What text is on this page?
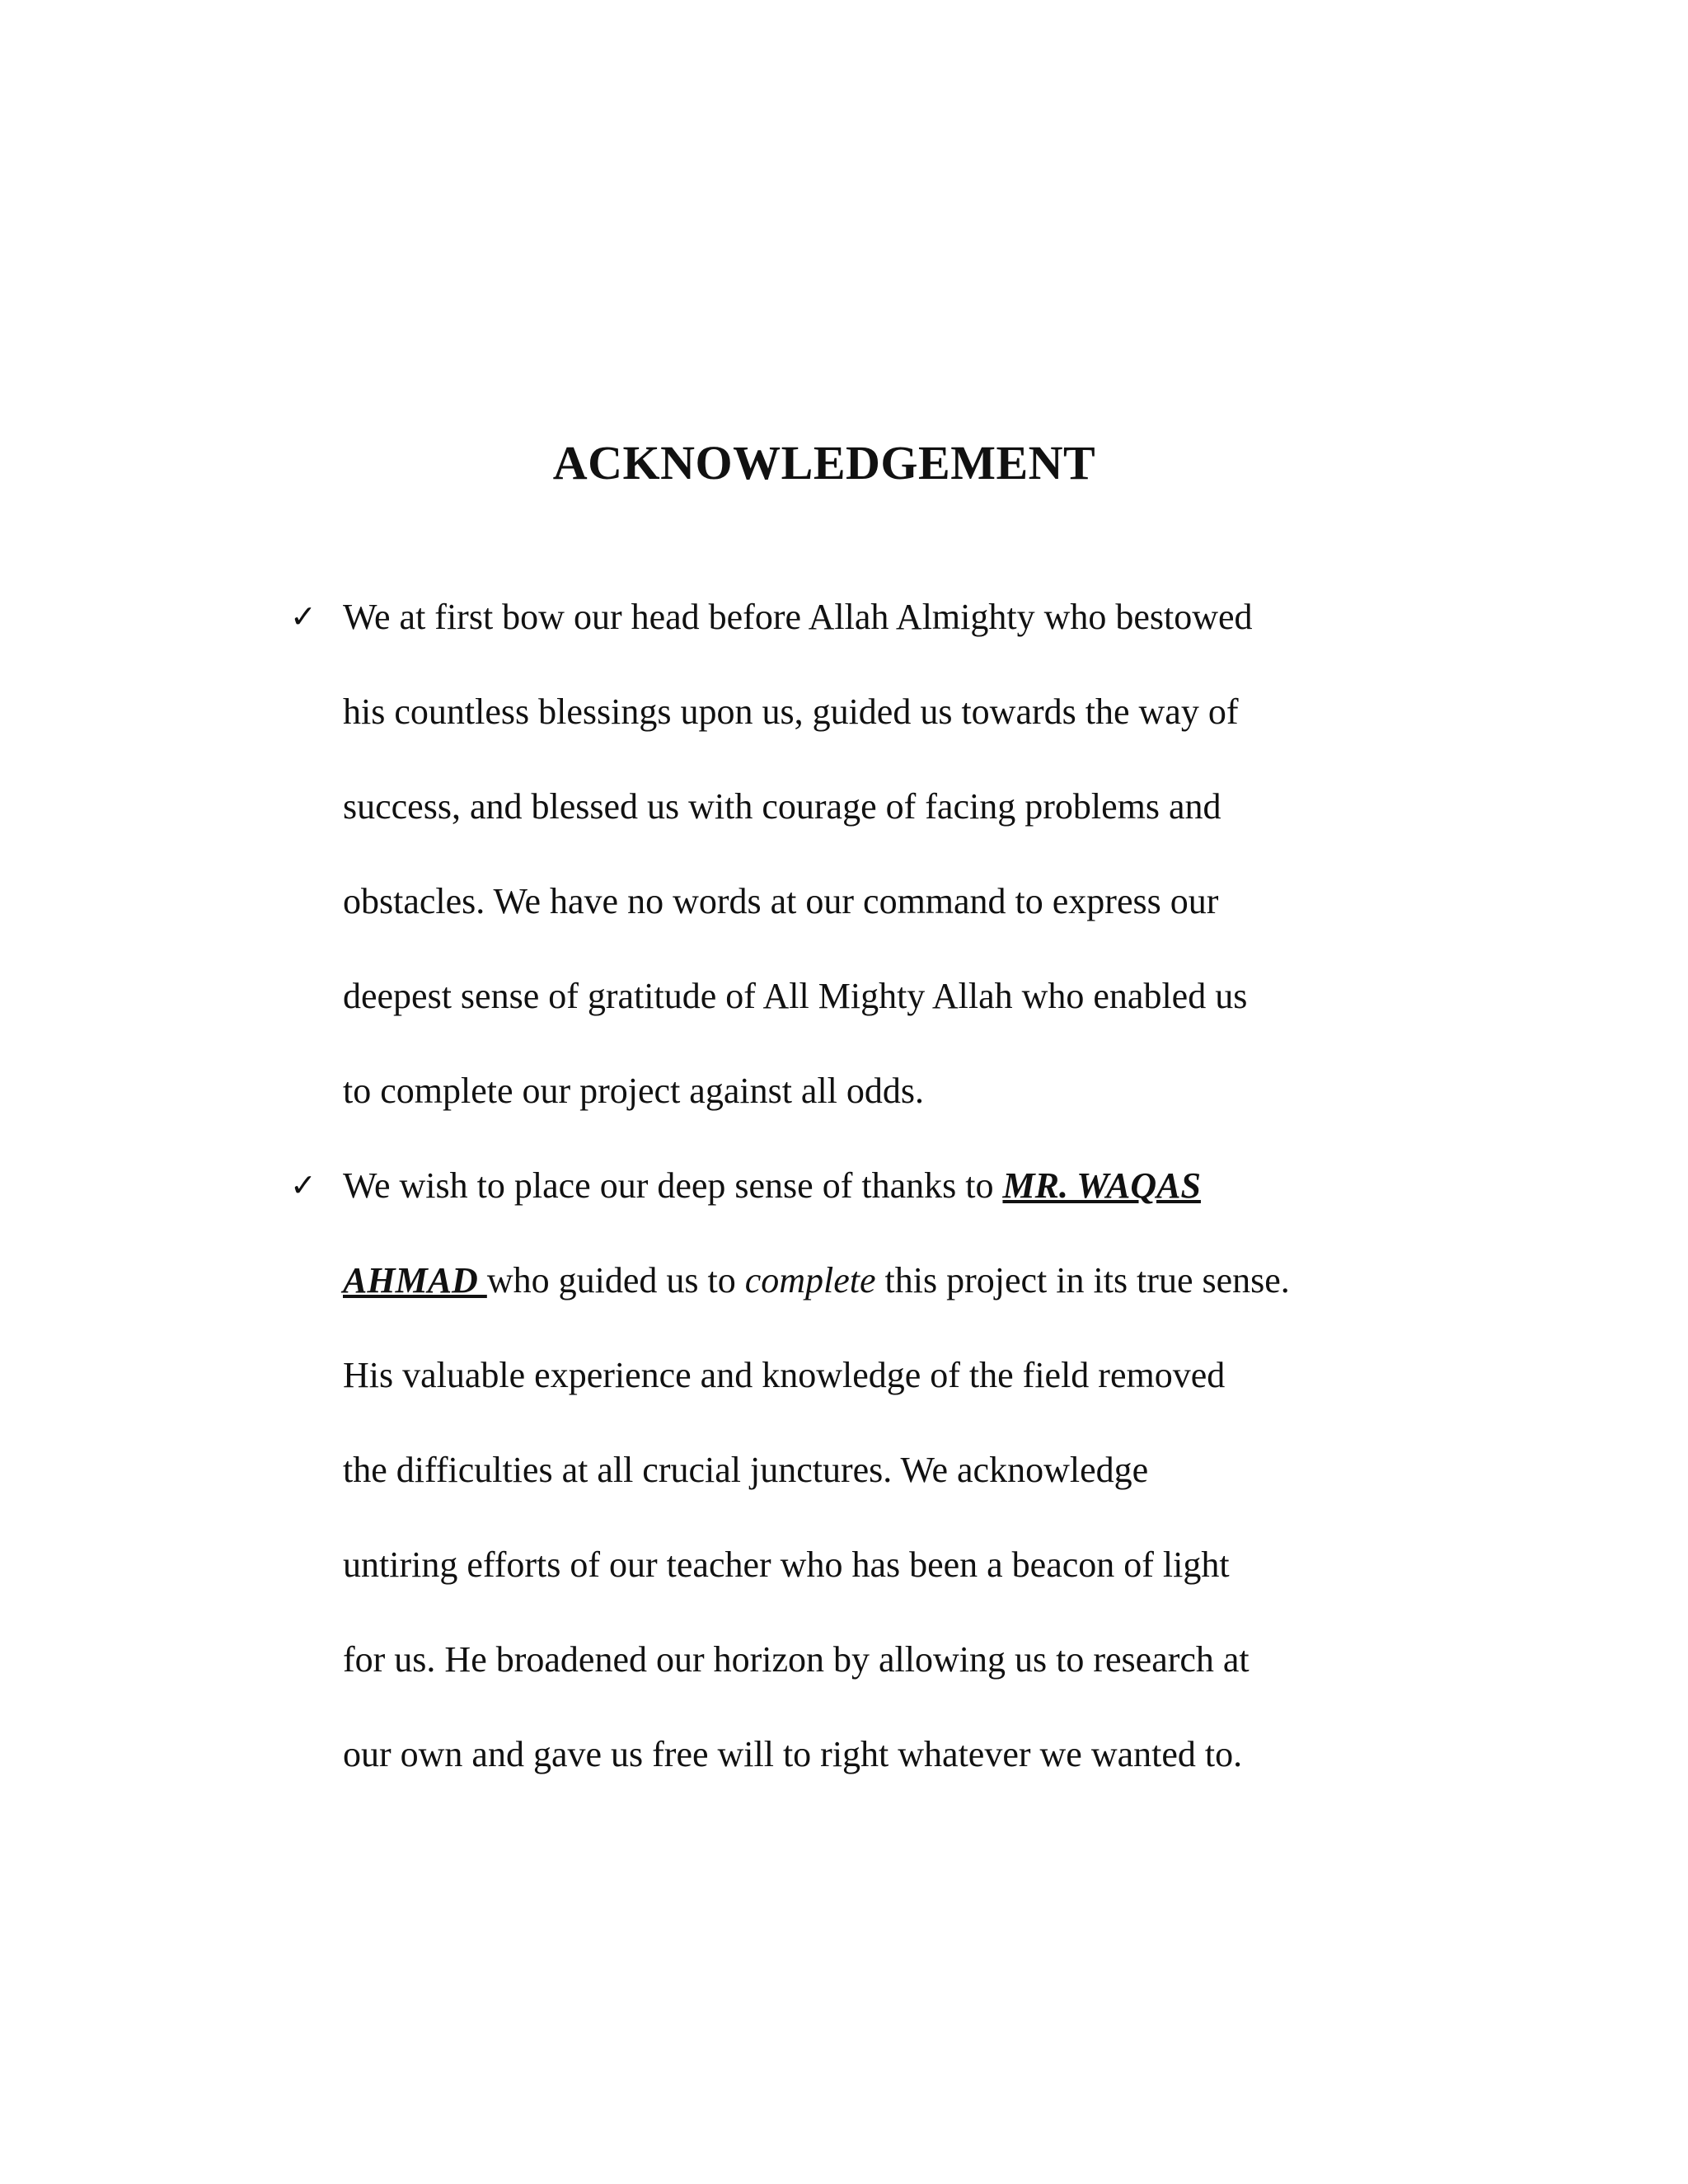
ACKNOWLEDGEMENT
✓ We at first bow our head before Allah Almighty who bestowed
his countless blessings upon us, guided us towards the way of
success, and blessed us with courage of facing problems and
obstacles. We have no words at our command to express our
deepest sense of gratitude of All Mighty Allah who enabled us
to complete our project against all odds.
✓ We wish to place our deep sense of thanks to MR. WAQAS
AHMAD who guided us to complete this project in its true sense.
His valuable experience and knowledge of the field removed
the difficulties at all crucial junctures. We acknowledge
untiring efforts of our teacher who has been a beacon of light
for us. He broadened our horizon by allowing us to research at
our own and gave us free will to right whatever we wanted to.
